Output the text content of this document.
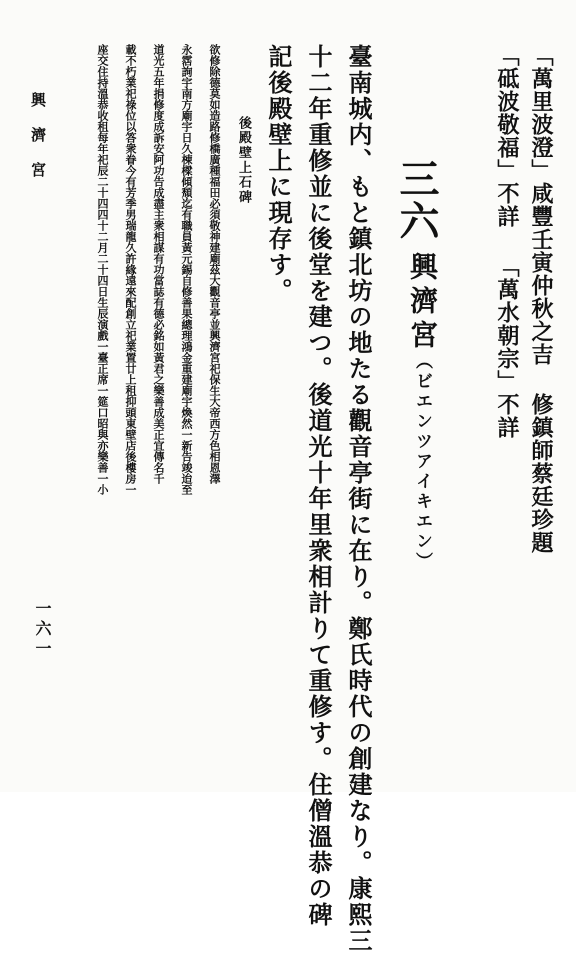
「萬里波澄」咸豐壬寅仲秋之吉 修鎮師蔡廷珍題
「砥波敬福」不詳 「萬水朝宗」不詳
三六
興濟宮
（ビエンツアイキエン）
臺南城内、もと鎮北坊の地たる觀音亭街に在り。鄭氏時代の創建なり。康熙三
十二年重修並に後堂を建つ。後道光十年里衆相計りて重修す。住僧溫恭の碑
記後殿壁上に現存す。
後殿壁上石碑
欲修除德莫如造路修橋廣種福田必須敬神建廟茲大觀音亭並興濟宮祀保生大帝西方色相恩澤
永霑詢宇南方廟宇日久棟樑傾頹迄有職員黃元錫自修善果總理鴻金重建廟宇煥然一新告竣迨至
道光五年捐修度成訴安阿功告成盡主衆相謀有功當誌有德必銘如黃君之樂善成美正宜傳名千
載不朽業祀祿位以答衆眷今有芳季男瑞龍久許緣遠來配創立祀業置廿上租抑頭東壁店後樓房一
座交住持溫恭收租每年祀辰二十四四十二月二十四日生辰演戲一臺正席一筵口昭與亦樂善一小
興濟宮
一六一
